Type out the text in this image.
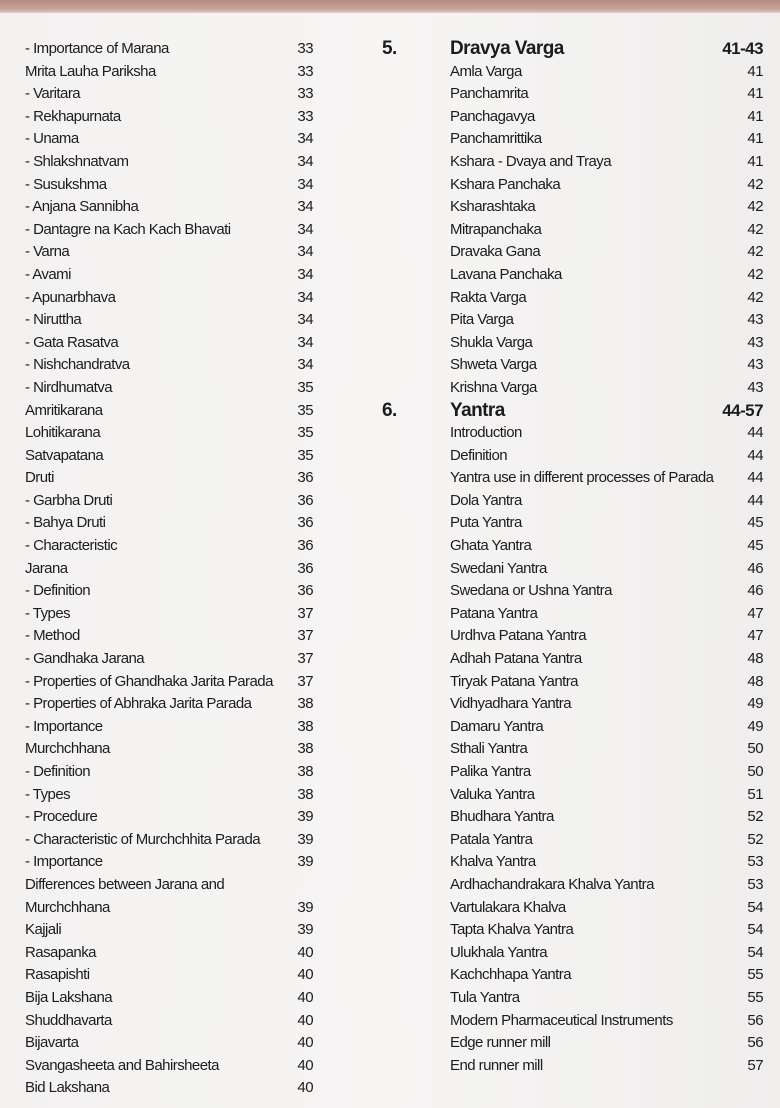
- Importance of Marana	33
Mrita Lauha Pariksha	33
- Varitara	33
- Rekhapurnata	33
- Unama	34
- Shlakshnatvam	34
- Susukshma	34
- Anjana Sannibha	34
- Dantagre na Kach Kach Bhavati	34
- Varna	34
- Avami	34
- Apunarbhava	34
- Niruttha	34
- Gata Rasatva	34
- Nishchandratva	34
- Nirdhumatva	35
Amritikarana	35
Lohitikarana	35
Satvapatana	35
Druti	36
- Garbha Druti	36
- Bahya Druti	36
- Characteristic	36
Jarana	36
- Definition	36
- Types	37
- Method	37
- Gandhaka Jarana	37
- Properties of Ghandhaka Jarita Parada 37
- Properties of Abhraka Jarita Parada	38
- Importance	38
Murchchhana	38
- Definition	38
- Types	38
- Procedure	39
- Characteristic of Murchchhita Parada 39
- Importance	39
Differences between Jarana and
Murchchhana	39
Kajjali	39
Rasapanka	40
Rasapishti	40
Bija Lakshana	40
Shuddhavarta	40
Bijavarta	40
Svangasheeta and Bahirsheeta	40
Bid Lakshana	40
5.	Dravya Varga	41-43
Amla Varga	41
Panchamrita	41
Panchagavya	41
Panchamrittika	41
Kshara - Dvaya and Traya	41
Kshara Panchaka	42
Ksharashtaka	42
Mitrapanchaka	42
Dravaka Gana	42
Lavana Panchaka	42
Rakta Varga	42
Pita Varga	43
Shukla Varga	43
Shweta Varga	43
Krishna Varga	43
6.	Yantra	44-57
Introduction	44
Definition	44
Yantra use in different processes of Parada 44
Dola Yantra	44
Puta Yantra	45
Ghata Yantra	45
Swedani Yantra	46
Swedana or Ushna Yantra	46
Patana Yantra	47
Urdhva Patana Yantra	47
Adhah Patana Yantra	48
Tiryak Patana Yantra	48
Vidhyadhara Yantra	49
Damaru Yantra	49
Sthali Yantra	50
Palika Yantra	50
Valuka Yantra	51
Bhudhara Yantra	52
Patala Yantra	52
Khalva Yantra	53
Ardhachandrakara Khalva Yantra	53
Vartulakara Khalva	54
Tapta Khalva Yantra	54
Ulukhala Yantra	54
Kachchhapa Yantra	55
Tula Yantra	55
Modern Pharmaceutical Instruments	56
Edge runner mill	56
End runner mill	57
